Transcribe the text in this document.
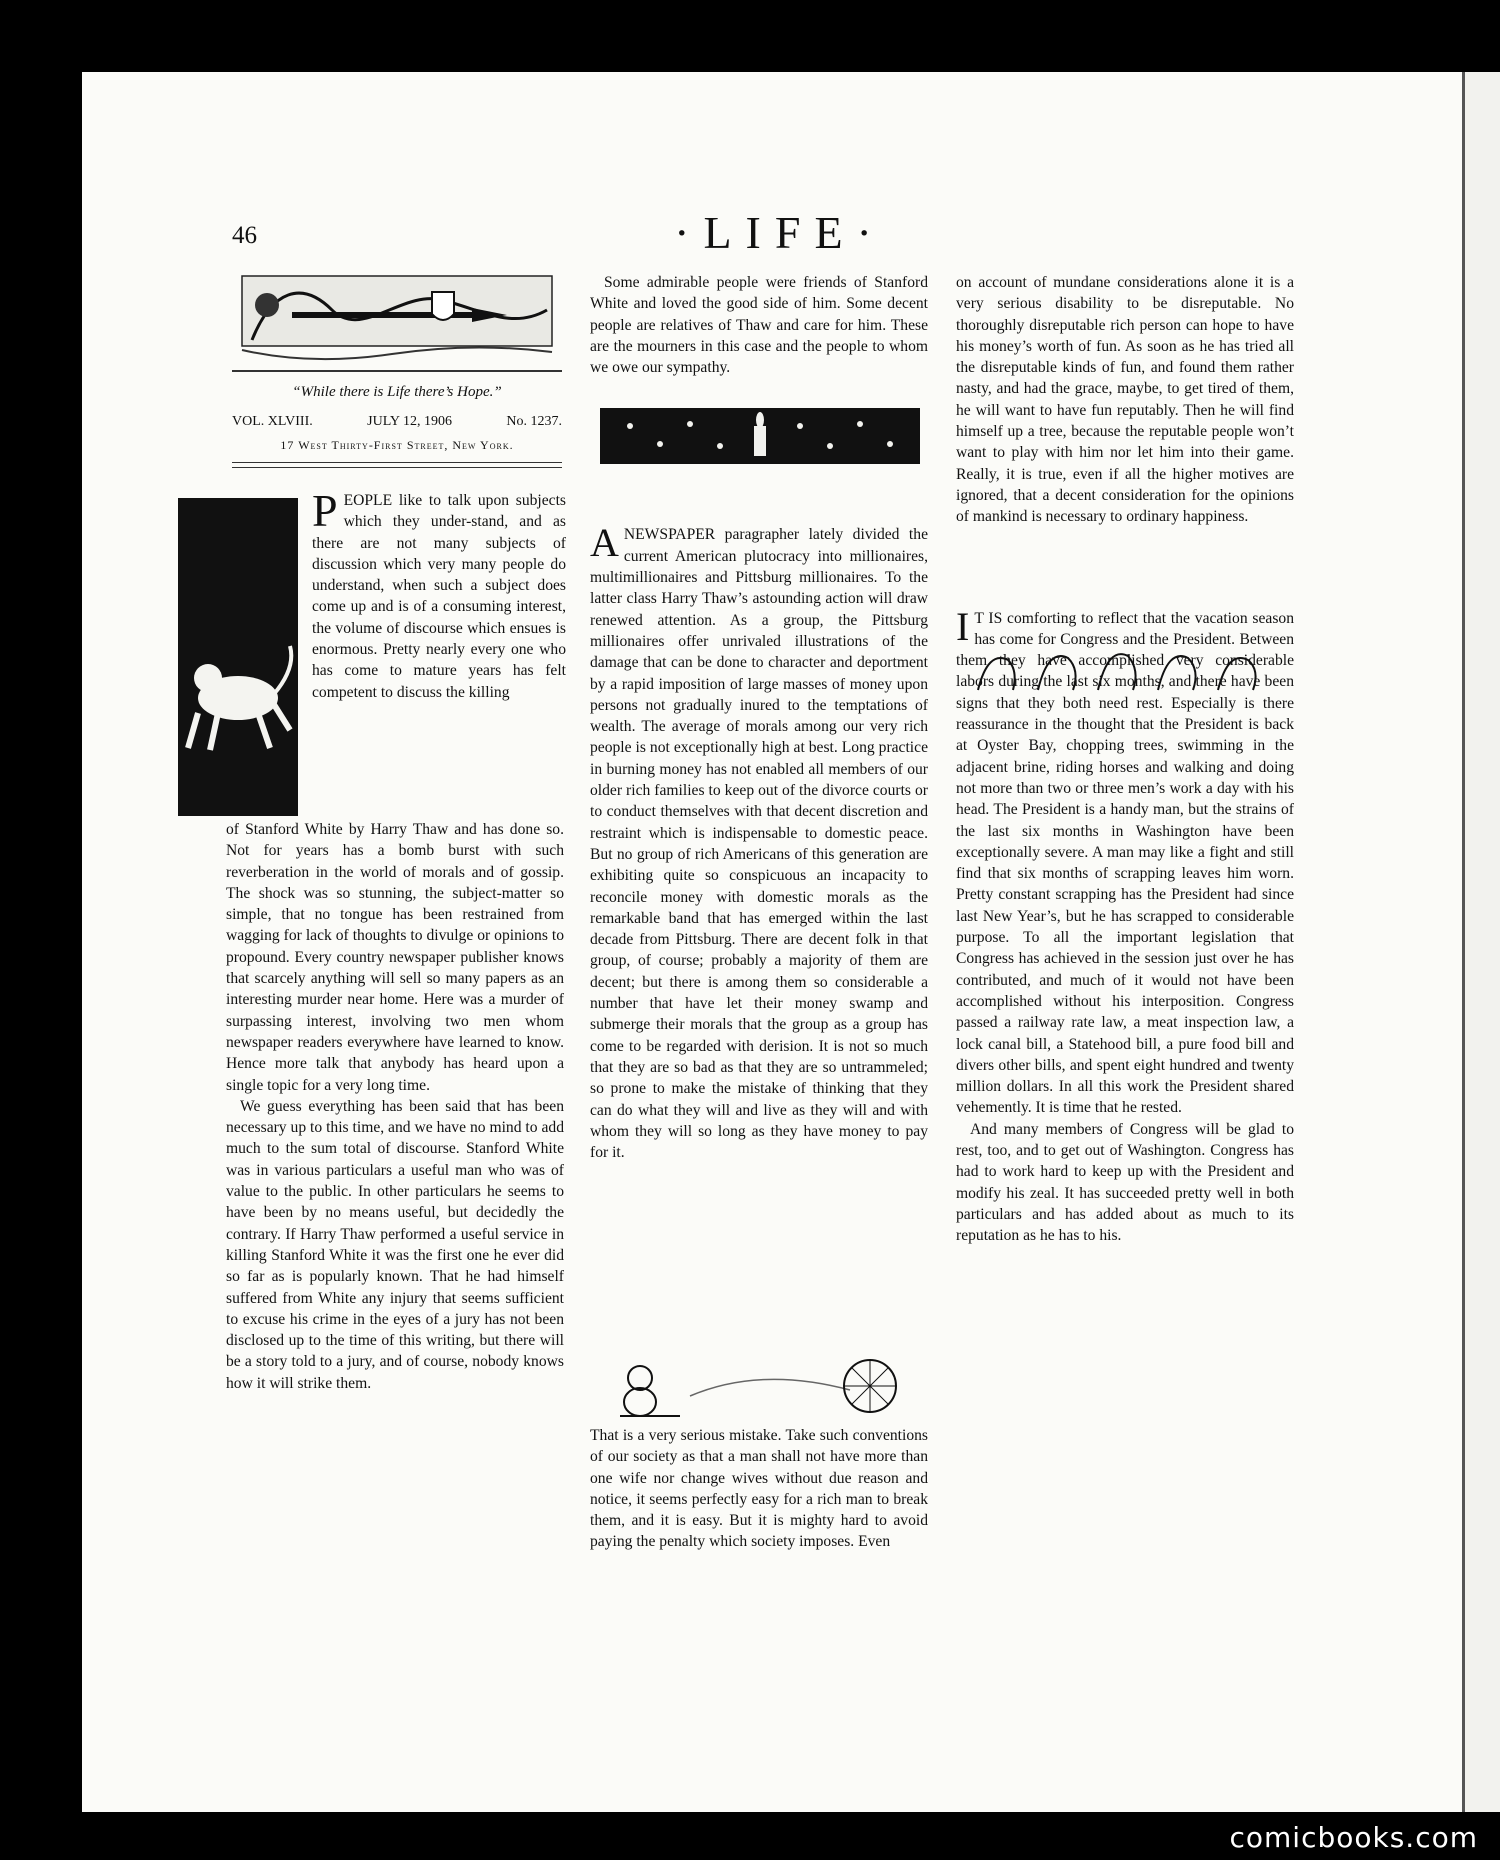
46	·LIFE·
“While there is Life there’s Hope.”
VOL. XLVIII.	JULY 12, 1906	No. 1237.
17 West Thirty-First Street, New York.

PEOPLE like to talk upon subjects which they under-stand, and as there are not many subjects of discussion which very many people do understand, when such a subject does come up and is of a consuming interest, the volume of discourse which ensues is enormous. Pretty nearly every one who has come to mature years has felt competent to discuss the killing

of Stanford White by Harry Thaw and has done so. Not for years has a bomb burst with such reverberation in the world of morals and of gossip. The shock was so stunning, the subject-matter so simple, that no tongue has been restrained from wagging for lack of thoughts to divulge or opinions to propound. Every country newspaper publisher knows that scarcely anything will sell so many papers as an interesting murder near home. Here was a murder of surpassing interest, involving two men whom newspaper readers everywhere have learned to know. Hence more talk that anybody has heard upon a single topic for a very long time.

We guess everything has been said that has been necessary up to this time, and we have no mind to add much to the sum total of discourse. Stanford White was in various particulars a useful man who was of value to the public. In other particulars he seems to have been by no means useful, but decidedly the contrary. If Harry Thaw performed a useful service in killing Stanford White it was the first one he ever did so far as is popularly known. That he had himself suffered from White any injury that seems sufficient to excuse his crime in the eyes of a jury has not been disclosed up to the time of this writing, but there will be a story told to a jury, and of course, nobody knows how it will strike them.

Some admirable people were friends of Stanford White and loved the good side of him. Some decent people are relatives of Thaw and care for him. These are the mourners in this case and the people to whom we owe our sympathy.

A NEWSPAPER paragrapher lately divided the current American plutocracy into millionaires, multimillionaires and Pittsburg millionaires. To the latter class Harry Thaw’s astounding action will draw renewed attention. As a group, the Pittsburg millionaires offer unrivaled illustrations of the damage that can be done to character and deportment by a rapid imposition of large masses of money upon persons not gradually inured to the temptations of wealth. The average of morals among our very rich people is not exceptionally high at best. Long practice in burning money has not enabled all members of our older rich families to keep out of the divorce courts or to conduct themselves with that decent discretion and restraint which is indispensable to domestic peace. But no group of rich Americans of this generation are exhibiting quite so conspicuous an incapacity to reconcile money with domestic morals as the remarkable band that has emerged within the last decade from Pittsburg. There are decent folk in that group, of course; probably a majority of them are decent; but there is among them so considerable a number that have let their money swamp and submerge their morals that the group as a group has come to be regarded with derision. It is not so much that they are so bad as that they are so untrammeled; so prone to make the mistake of thinking that they can do what they will and live as they will and with whom they will so long as they have money to pay for it.

That is a very serious mistake. Take such conventions of our society as that a man shall not have more than one wife nor change wives without due reason and notice, it seems perfectly easy for a rich man to break them, and it is easy. But it is mighty hard to avoid paying the penalty which society imposes. Even

on account of mundane considerations alone it is a very serious disability to be disreputable. No thoroughly disreputable rich person can hope to have his money’s worth of fun. As soon as he has tried all the disreputable kinds of fun, and found them rather nasty, and had the grace, maybe, to get tired of them, he will want to have fun reputably. Then he will find himself up a tree, because the reputable people won’t want to play with him nor let him into their game. Really, it is true, even if all the higher motives are ignored, that a decent consideration for the opinions of mankind is necessary to ordinary happiness.

I T IS comforting to reflect that the vacation season has come for Congress and the President. Between them they have accomplished very considerable labors during the last six months, and there have been signs that they both need rest. Especially is there reassurance in the thought that the President is back at Oyster Bay, chopping trees, swimming in the adjacent brine, riding horses and walking and doing not more than two or three men’s work a day with his head. The President is a handy man, but the strains of the last six months in Washington have been exceptionally severe. A man may like a fight and still find that six months of scrapping leaves him worn. Pretty constant scrapping has the President had since last New Year’s, but he has scrapped to considerable purpose. To all the important legislation that Congress has achieved in the session just over he has contributed, and much of it would not have been accomplished without his interposition. Congress passed a railway rate law, a meat inspection law, a lock canal bill, a Statehood bill, a pure food bill and divers other bills, and spent eight hundred and twenty million dollars. In all this work the President shared vehemently. It is time that he rested.

And many members of Congress will be glad to rest, too, and to get out of Washington. Congress has had to work hard to keep up with the President and modify his zeal. It has succeeded pretty well in both particulars and has added about as much to its reputation as he has to his.

comicbooks.com
